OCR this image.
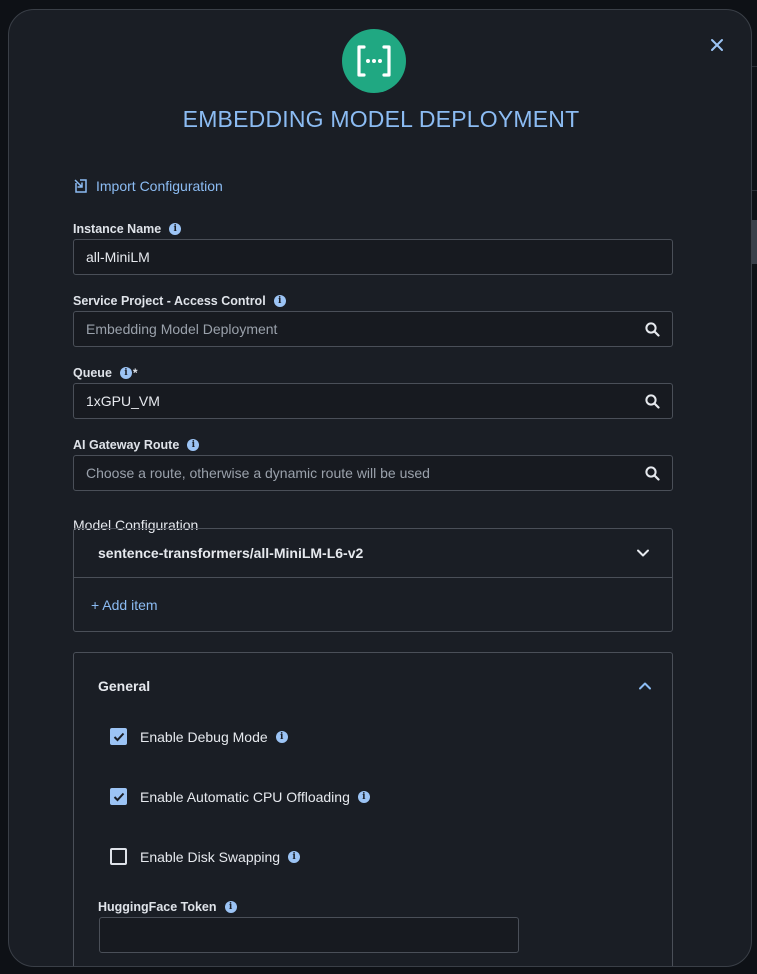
EMBEDDING MODEL DEPLOYMENT
Import Configuration
Instance Name	i
all-MiniLM
Service Project - Access Control	i
Embedding Model Deployment
Queue	i *
1xGPU_VM
AI Gateway Route	i
Choose a route, otherwise a dynamic route will be used
Model Configuration
sentence-transformers/all-MiniLM-L6-v2
+ Add item
General
Enable Debug Mode	i
Enable Automatic CPU Offloading	i
Enable Disk Swapping	i
HuggingFace Token	i
